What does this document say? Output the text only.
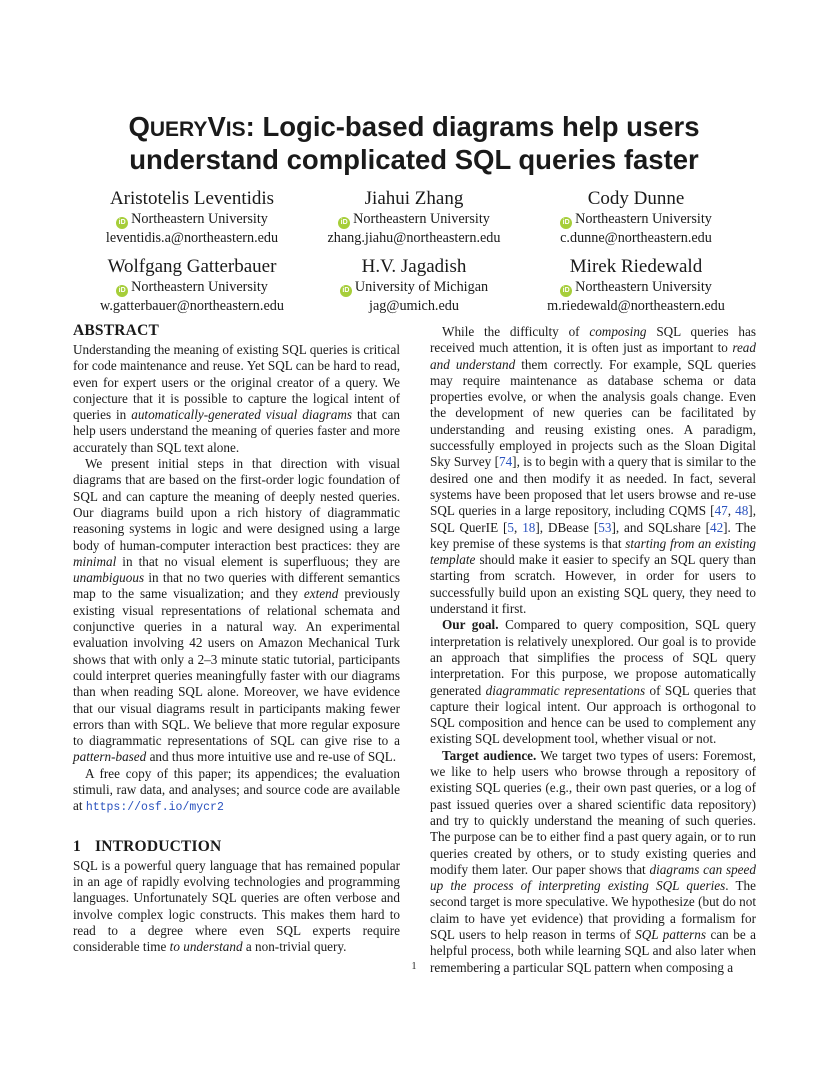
QUERYVIS: Logic-based diagrams help users
understand complicated SQL queries faster
Aristotelis Leventidis
iD Northeastern University
leventidis.a@northeastern.edu
Jiahui Zhang
iD Northeastern University
zhang.jiahu@northeastern.edu
Cody Dunne
iD Northeastern University
c.dunne@northeastern.edu
Wolfgang Gatterbauer
iD Northeastern University
w.gatterbauer@northeastern.edu
H.V. Jagadish
iD University of Michigan
jag@umich.edu
Mirek Riedewald
iD Northeastern University
m.riedewald@northeastern.edu
ABSTRACT

Understanding the meaning of existing SQL queries is critical for code maintenance and reuse. Yet SQL can be hard to read, even for expert users or the original creator of a query. We conjecture that it is possible to capture the logical intent of queries in automatically-generated visual diagrams that can help users understand the meaning of queries faster and more accurately than SQL text alone.

We present initial steps in that direction with visual diagrams that are based on the first-order logic foundation of SQL and can capture the meaning of deeply nested queries. Our diagrams build upon a rich history of diagrammatic reasoning systems in logic and were designed using a large body of human-computer interaction best practices: they are minimal in that no visual element is superfluous; they are unambiguous in that no two queries with different semantics map to the same visualization; and they extend previously existing visual representations of relational schemata and conjunctive queries in a natural way. An experimental evaluation involving 42 users on Amazon Mechanical Turk shows that with only a 2–3 minute static tutorial, participants could interpret queries meaningfully faster with our diagrams than when reading SQL alone. Moreover, we have evidence that our visual diagrams result in participants making fewer errors than with SQL. We believe that more regular exposure to diagrammatic representations of SQL can give rise to a pattern-based and thus more intuitive use and re-use of SQL.

A free copy of this paper; its appendices; the evaluation stimuli, raw data, and analyses; and source code are available at https://osf.io/mycr2

1 INTRODUCTION

SQL is a powerful query language that has remained popular in an age of rapidly evolving technologies and programming languages. Unfortunately SQL queries are often verbose and involve complex logic constructs. This makes them hard to read to a degree where even SQL experts require considerable time to understand a non-trivial query.

While the difficulty of composing SQL queries has received much attention, it is often just as important to read and understand them correctly. For example, SQL queries may require maintenance as database schema or data properties evolve, or when the analysis goals change. Even the development of new queries can be facilitated by understanding and reusing existing ones. A paradigm, successfully employed in projects such as the Sloan Digital Sky Survey [74], is to begin with a query that is similar to the desired one and then modify it as needed. In fact, several systems have been proposed that let users browse and re-use SQL queries in a large repository, including CQMS [47, 48], SQL QuerIE [5, 18], DBease [53], and SQLshare [42]. The key premise of these systems is that starting from an existing template should make it easier to specify an SQL query than starting from scratch. However, in order for users to successfully build upon an existing SQL query, they need to understand it first.

Our goal. Compared to query composition, SQL query interpretation is relatively unexplored. Our goal is to provide an approach that simplifies the process of SQL query interpretation. For this purpose, we propose automatically generated diagrammatic representations of SQL queries that capture their logical intent. Our approach is orthogonal to SQL composition and hence can be used to complement any existing SQL development tool, whether visual or not.

Target audience. We target two types of users: Foremost, we like to help users who browse through a repository of existing SQL queries (e.g., their own past queries, or a log of past issued queries over a shared scientific data repository) and try to quickly understand the meaning of such queries. The purpose can be to either find a past query again, or to run queries created by others, or to study existing queries and modify them later. Our paper shows that diagrams can speed up the process of interpreting existing SQL queries. The second target is more speculative. We hypothesize (but do not claim to have yet evidence) that providing a formalism for SQL users to help reason in terms of SQL patterns can be a helpful process, both while learning SQL and also later when remembering a particular SQL pattern when composing a

1
